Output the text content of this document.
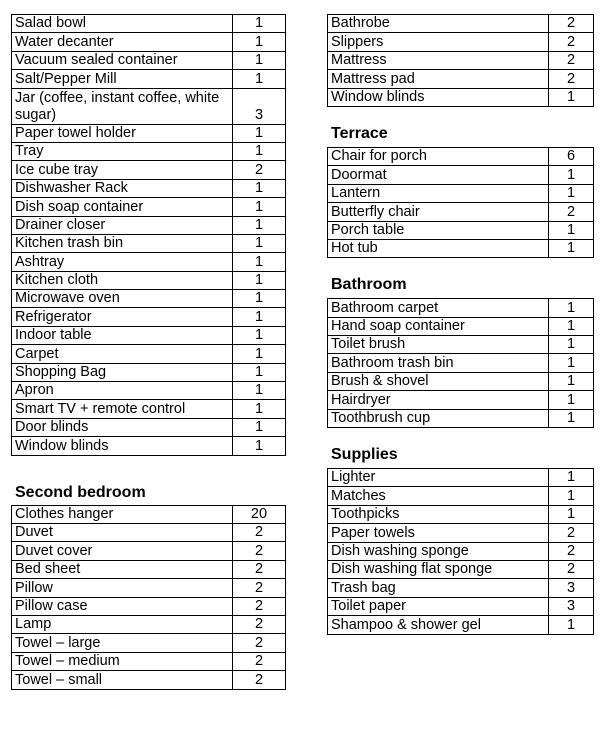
Salad bowl	1
Water decanter	1
Vacuum sealed container	1
Salt/Pepper Mill	1
Jar (coffee, instant coffee, white sugar)	3
Paper towel holder	1
Tray	1
Ice cube tray	2
Dishwasher Rack	1
Dish soap container	1
Drainer closer	1
Kitchen trash bin	1
Ashtray	1
Kitchen cloth	1
Microwave oven	1
Refrigerator	1
Indoor table	1
Carpet	1
Shopping Bag	1
Apron	1
Smart TV + remote control	1
Door blinds	1
Window blinds	1
Second bedroom
Clothes hanger	20
Duvet	2
Duvet cover	2
Bed sheet	2
Pillow	2
Pillow case	2
Lamp	2
Towel – large	2
Towel – medium	2
Towel – small	2
Bathrobe	2
Slippers	2
Mattress	2
Mattress pad	2
Window blinds	1
Terrace
Chair for porch	6
Doormat	1
Lantern	1
Butterfly chair	2
Porch table	1
Hot tub	1
Bathroom
Bathroom carpet	1
Hand soap container	1
Toilet brush	1
Bathroom trash bin	1
Brush & shovel	1
Hairdryer	1
Toothbrush cup	1
Supplies
Lighter	1
Matches	1
Toothpicks	1
Paper towels	2
Dish washing sponge	2
Dish washing flat sponge	2
Trash bag	3
Toilet paper	3
Shampoo & shower gel	1
